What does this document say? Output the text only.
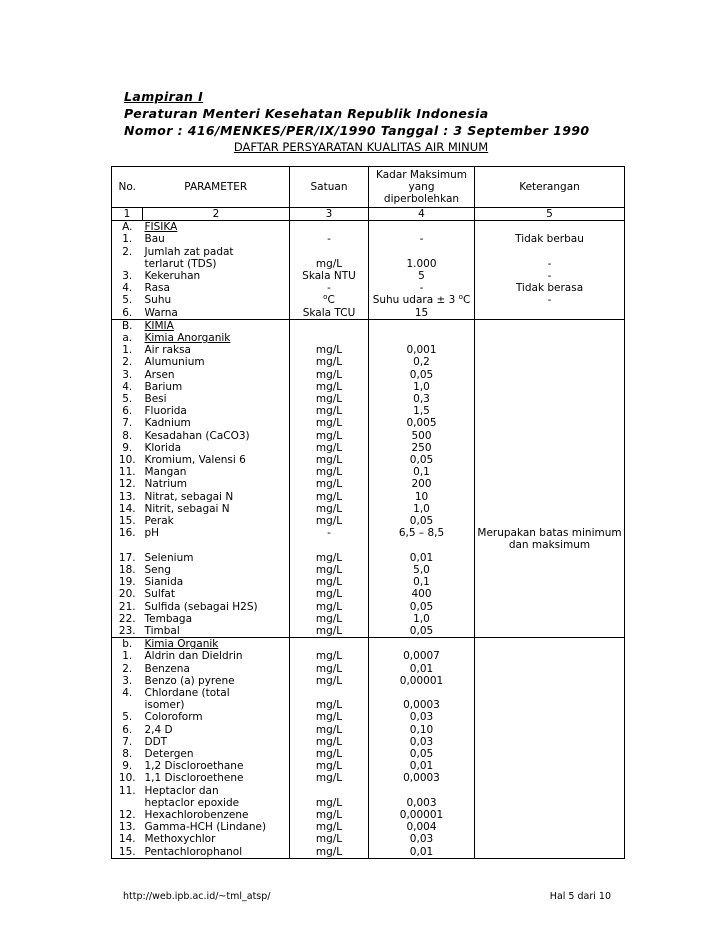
Lampiran I
Peraturan Menteri Kesehatan Republik Indonesia
Nomor : 416/MENKES/PER/IX/1990 Tanggal : 3 September 1990
DAFTAR PERSYARATAN KUALITAS AIR MINUM
No.	PARAMETER	Satuan	Kadar Maksimum yang diperbolehkan	Keterangan
1	2	3	4	5
A.	FISIKA			
1.	Bau	-	-	Tidak berbau
2.	Jumlah zat padat			
	terlarut (TDS)	mg/L	1.000	-
3.	Kekeruhan	Skala NTU	5	-
4.	Rasa	-	-	Tidak berasa
5.	Suhu	$^o$C	Suhu udara ± 3 $^o$C	-
6.	Warna	Skala TCU	15	
B.	KIMIA			
a.	Kimia Anorganik			
1.	Air raksa	mg/L	0,001	
2.	Alumunium	mg/L	0,2	
3.	Arsen	mg/L	0,05	
4.	Barium	mg/L	1,0	
5.	Besi	mg/L	0,3	
6.	Fluorida	mg/L	1,5	
7.	Kadnium	mg/L	0,005	
8.	Kesadahan (CaCO3)	mg/L	500	
9.	Klorida	mg/L	250	
10.	Kromium, Valensi 6	mg/L	0,05	
11.	Mangan	mg/L	0,1	
12.	Natrium	mg/L	200	
13.	Nitrat, sebagai N	mg/L	10	
14.	Nitrit, sebagai N	mg/L	1,0	
15.	Perak	mg/L	0,05	
16.	pH	-	6,5 – 8,5	Merupakan batas minimum
				dan maksimum
17.	Selenium	mg/L	0,01	
18.	Seng	mg/L	5,0	
19.	Sianida	mg/L	0,1	
20.	Sulfat	mg/L	400	
21.	Sulfida (sebagai H2S)	mg/L	0,05	
22.	Tembaga	mg/L	1,0	
23.	Timbal	mg/L	0,05	
b.	Kimia Organik			
1.	Aldrin dan Dieldrin	mg/L	0,0007	
2.	Benzena	mg/L	0,01	
3.	Benzo (a) pyrene	mg/L	0,00001	
4.	Chlordane (total			
	isomer)	mg/L	0,0003	
5.	Coloroform	mg/L	0,03	
6.	2,4 D	mg/L	0,10	
7.	DDT	mg/L	0,03	
8.	Detergen	mg/L	0,05	
9.	1,2 Discloroethane	mg/L	0,01	
10.	1,1 Discloroethene	mg/L	0,0003	
11.	Heptaclor dan			
	heptaclor epoxide	mg/L	0,003	
12.	Hexachlorobenzene	mg/L	0,00001	
13.	Gamma-HCH (Lindane)	mg/L	0,004	
14.	Methoxychlor	mg/L	0,03	
15.	Pentachlorophanol	mg/L	0,01	
http://web.ipb.ac.id/~tml_atsp/	Hal 5 dari 10
